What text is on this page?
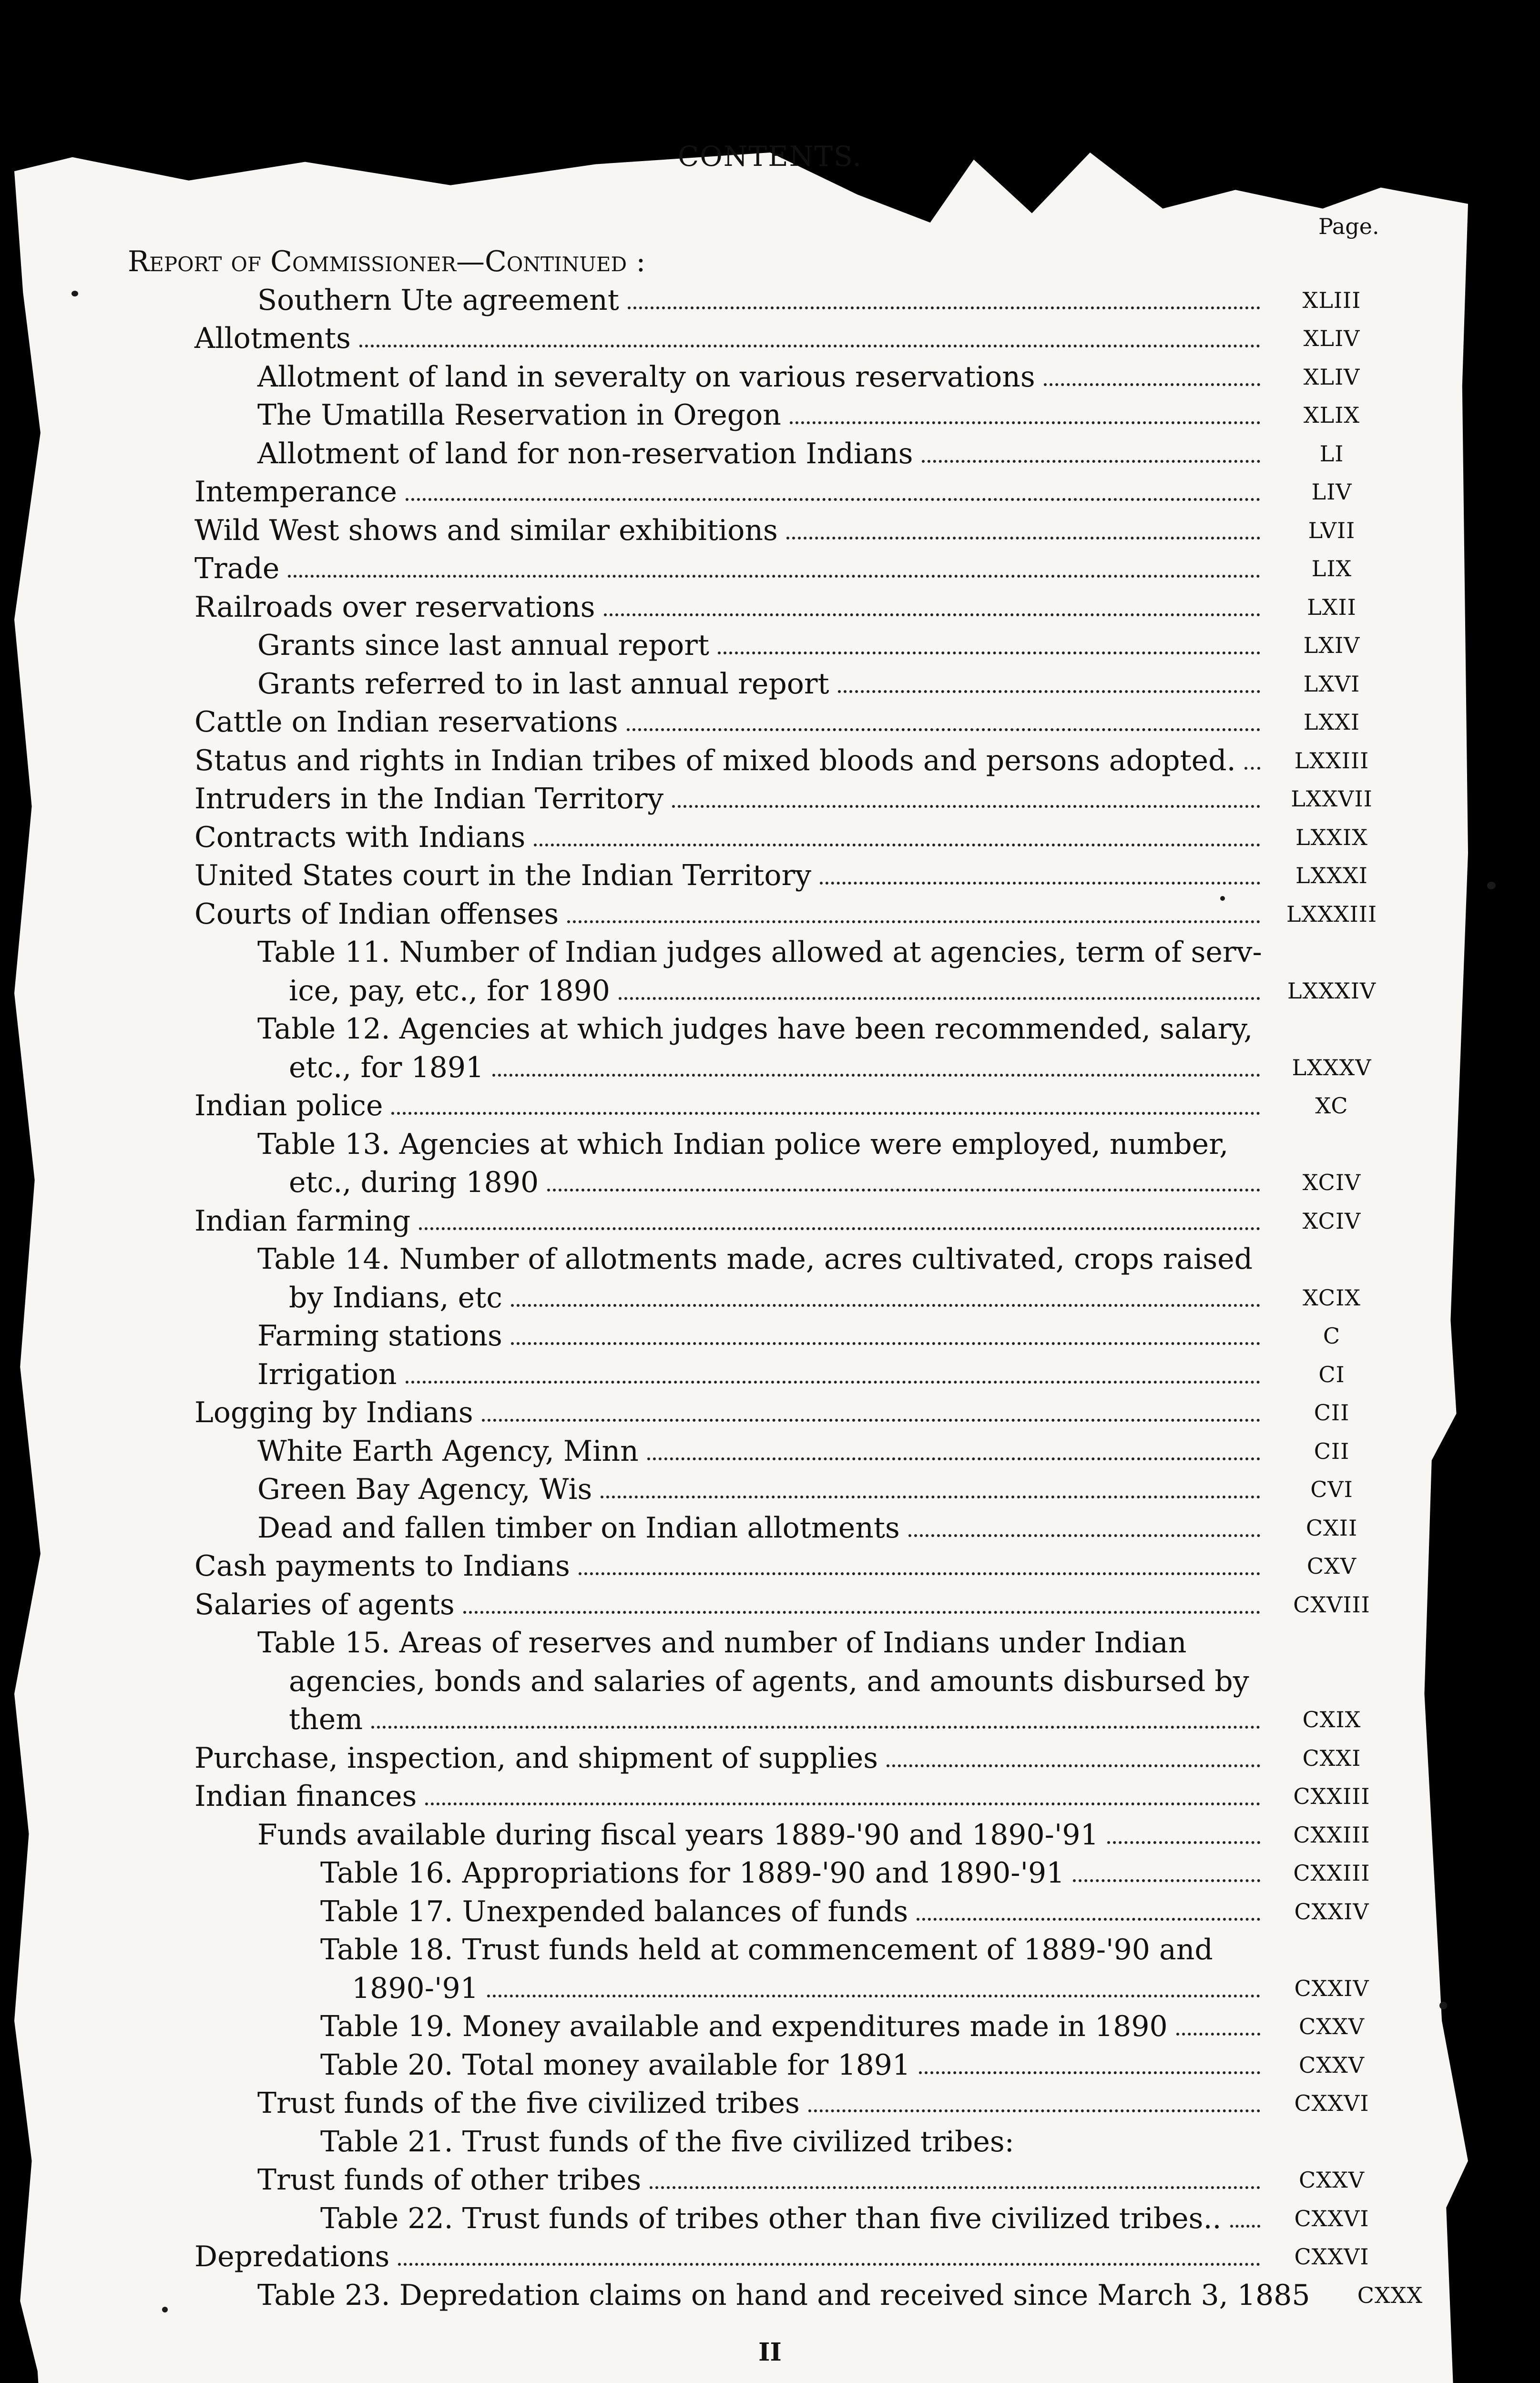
CONTENTS.
Page.
Report of Commissioner—Continued :
Southern Ute agreement	XLIII
Allotments	XLIV
Allotment of land in severalty on various reservations	XLIV
The Umatilla Reservation in Oregon	XLIX
Allotment of land for non-reservation Indians	LI
Intemperance	LIV
Wild West shows and similar exhibitions	LVII
Trade	LIX
Railroads over reservations	LXII
Grants since last annual report	LXIV
Grants referred to in last annual report	LXVI
Cattle on Indian reservations	LXXI
Status and rights in Indian tribes of mixed bloods and persons adopted.	LXXIII
Intruders in the Indian Territory	LXXVII
Contracts with Indians	LXXIX
United States court in the Indian Territory	LXXXI
Courts of Indian offenses	LXXXIII
Table 11. Number of Indian judges allowed at agencies, term of serv-
ice, pay, etc., for 1890	LXXXIV
Table 12. Agencies at which judges have been recommended, salary,
etc., for 1891	LXXXV
Indian police	XC
Table 13. Agencies at which Indian police were employed, number,
etc., during 1890	XCIV
Indian farming	XCIV
Table 14. Number of allotments made, acres cultivated, crops raised
by Indians, etc	XCIX
Farming stations	C
Irrigation	CI
Logging by Indians	CII
White Earth Agency, Minn	CII
Green Bay Agency, Wis	CVI
Dead and fallen timber on Indian allotments	CXII
Cash payments to Indians	CXV
Salaries of agents	CXVIII
Table 15. Areas of reserves and number of Indians under Indian
agencies, bonds and salaries of agents, and amounts disbursed by
them	CXIX
Purchase, inspection, and shipment of supplies	CXXI
Indian finances	CXXIII
Funds available during fiscal years 1889-'90 and 1890-'91	CXXIII
Table 16. Appropriations for 1889-'90 and 1890-'91	CXXIII
Table 17. Unexpended balances of funds	CXXIV
Table 18. Trust funds held at commencement of 1889-'90 and
1890-'91	CXXIV
Table 19. Money available and expenditures made in 1890	CXXV
Table 20. Total money available for 1891	CXXV
Trust funds of the five civilized tribes	CXXVI
Table 21. Trust funds of the five civilized tribes:
Trust funds of other tribes	CXXV
Table 22. Trust funds of tribes other than five civilized tribes..	CXXVI
Depredations	CXXVI
Table 23. Depredation claims on hand and received since March 3, 1885	CXXX
II
